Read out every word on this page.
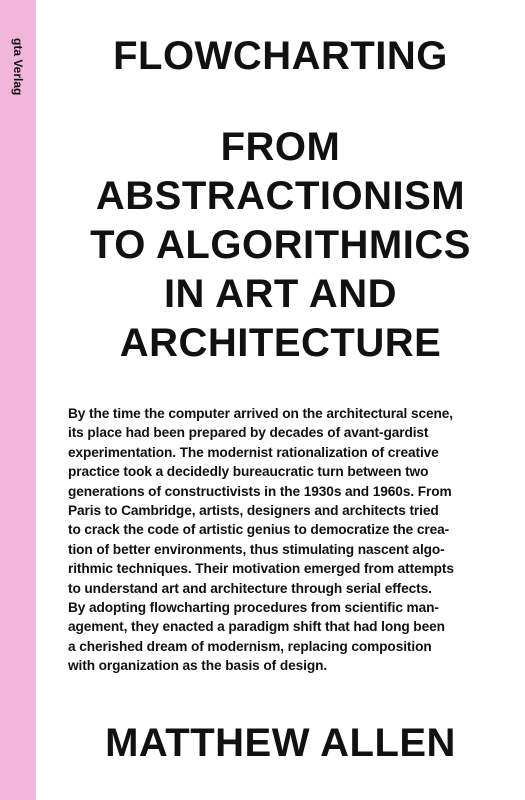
gta Verlag	FLOWCHARTING
FROM
ABSTRACTIONISM
TO ALGORITHMICS
IN ART AND
ARCHITECTURE
By the time the computer arrived on the architectural scene,
its place had been prepared by decades of avant-gardist
experimentation. The modernist rationalization of creative
practice took a decidedly bureaucratic turn between two
generations of constructivists in the 1930s and 1960s. From
Paris to Cambridge, artists, designers and architects tried
to crack the code of artistic genius to democratize the crea-
tion of better environments, thus stimulating nascent algo-
rithmic techniques. Their motivation emerged from attempts
to understand art and architecture through serial effects.
By adopting flowcharting procedures from scientific man-
agement, they enacted a paradigm shift that had long been
a cherished dream of modernism, replacing composition
with organization as the basis of design.
MATTHEW ALLEN
